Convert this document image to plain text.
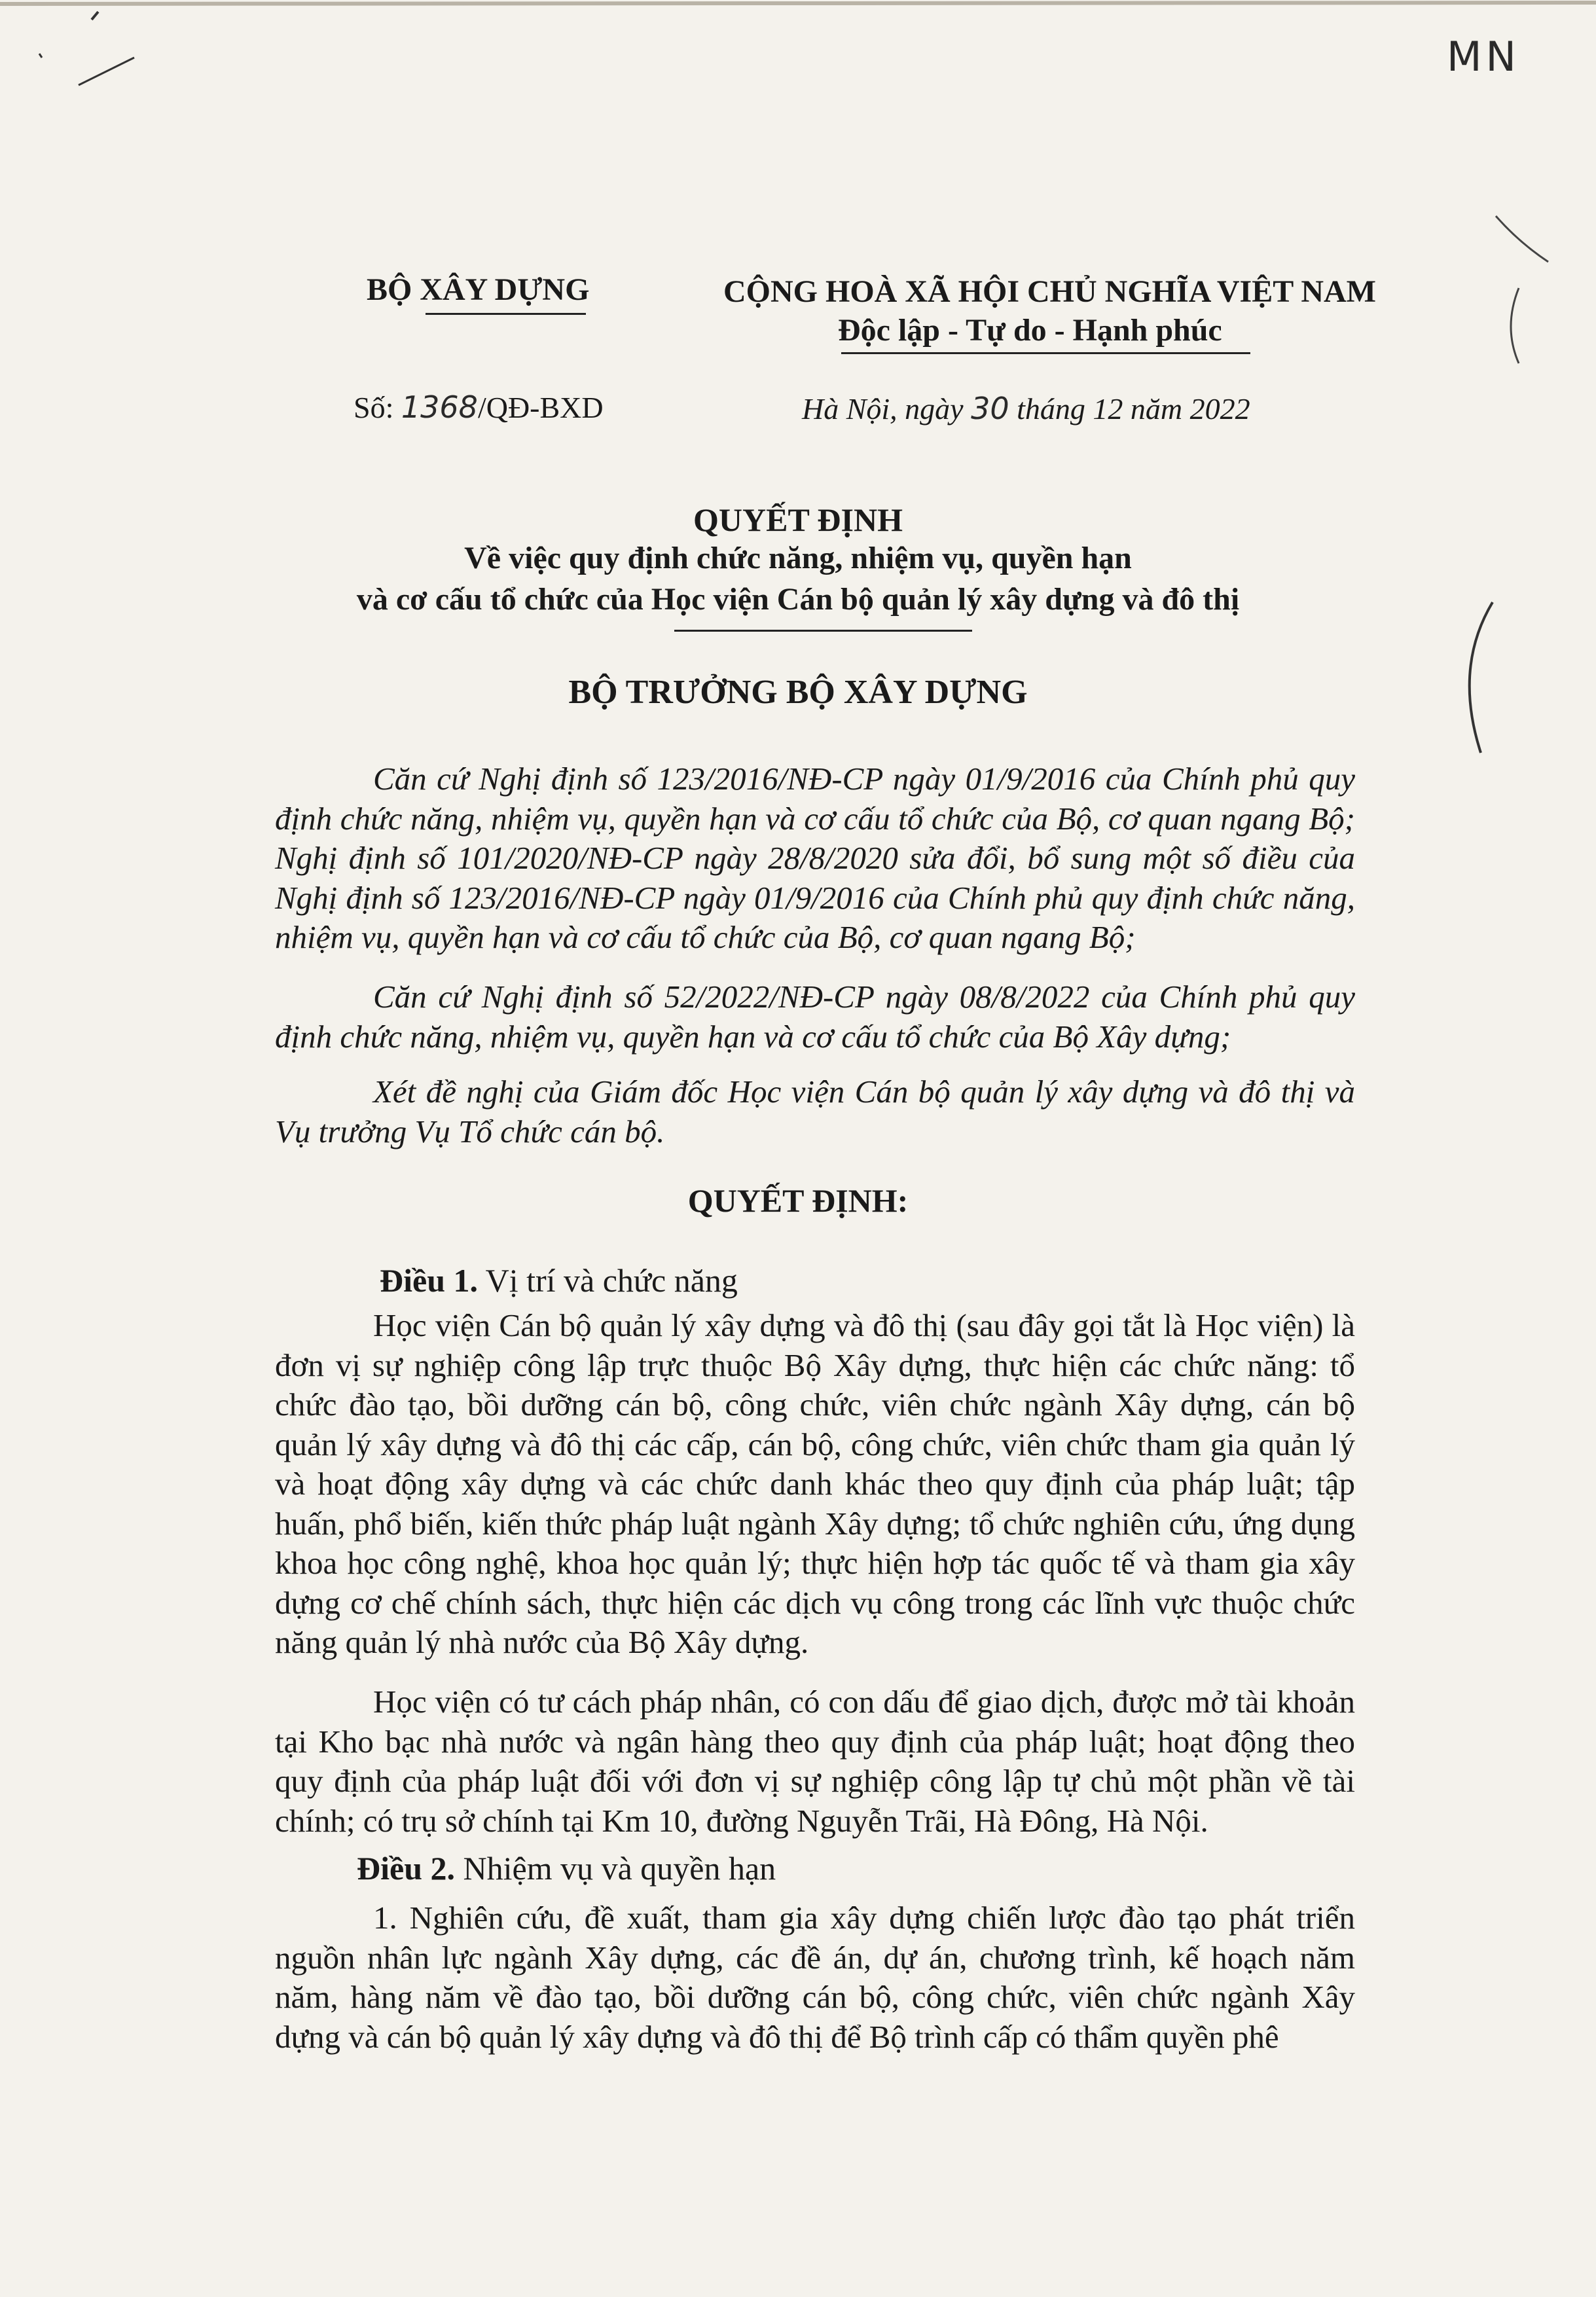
MN
BỘ XÂY DỰNG	CỘNG HOÀ XÃ HỘI CHỦ NGHĨA VIỆT NAM
Độc lập - Tự do - Hạnh phúc
Số: 1368/QĐ-BXD	Hà Nội, ngày 30 tháng 12 năm 2022
QUYẾT ĐỊNH
Về việc quy định chức năng, nhiệm vụ, quyền hạn
và cơ cấu tổ chức của Học viện Cán bộ quản lý xây dựng và đô thị
BỘ TRƯỞNG BỘ XÂY DỰNG
Căn cứ Nghị định số 123/2016/NĐ-CP ngày 01/9/2016 của Chính phủ quy định chức năng, nhiệm vụ, quyền hạn và cơ cấu tổ chức của Bộ, cơ quan ngang Bộ; Nghị định số 101/2020/NĐ-CP ngày 28/8/2020 sửa đổi, bổ sung một số điều của Nghị định số 123/2016/NĐ-CP ngày 01/9/2016 của Chính phủ quy định chức năng, nhiệm vụ, quyền hạn và cơ cấu tổ chức của Bộ, cơ quan ngang Bộ;
Căn cứ Nghị định số 52/2022/NĐ-CP ngày 08/8/2022 của Chính phủ quy định chức năng, nhiệm vụ, quyền hạn và cơ cấu tổ chức của Bộ Xây dựng;
Xét đề nghị của Giám đốc Học viện Cán bộ quản lý xây dựng và đô thị và Vụ trưởng Vụ Tổ chức cán bộ.
QUYẾT ĐỊNH:
Điều 1. Vị trí và chức năng
Học viện Cán bộ quản lý xây dựng và đô thị (sau đây gọi tắt là Học viện) là đơn vị sự nghiệp công lập trực thuộc Bộ Xây dựng, thực hiện các chức năng: tổ chức đào tạo, bồi dưỡng cán bộ, công chức, viên chức ngành Xây dựng, cán bộ quản lý xây dựng và đô thị các cấp, cán bộ, công chức, viên chức tham gia quản lý và hoạt động xây dựng và các chức danh khác theo quy định của pháp luật; tập huấn, phổ biến, kiến thức pháp luật ngành Xây dựng; tổ chức nghiên cứu, ứng dụng khoa học công nghệ, khoa học quản lý; thực hiện hợp tác quốc tế và tham gia xây dựng cơ chế chính sách, thực hiện các dịch vụ công trong các lĩnh vực thuộc chức năng quản lý nhà nước của Bộ Xây dựng.
Học viện có tư cách pháp nhân, có con dấu để giao dịch, được mở tài khoản tại Kho bạc nhà nước và ngân hàng theo quy định của pháp luật; hoạt động theo quy định của pháp luật đối với đơn vị sự nghiệp công lập tự chủ một phần về tài chính; có trụ sở chính tại Km 10, đường Nguyễn Trãi, Hà Đông, Hà Nội.
Điều 2. Nhiệm vụ và quyền hạn
1. Nghiên cứu, đề xuất, tham gia xây dựng chiến lược đào tạo phát triển nguồn nhân lực ngành Xây dựng, các đề án, dự án, chương trình, kế hoạch năm năm, hàng năm về đào tạo, bồi dưỡng cán bộ, công chức, viên chức ngành Xây dựng và cán bộ quản lý xây dựng và đô thị để Bộ trình cấp có thẩm quyền phê
